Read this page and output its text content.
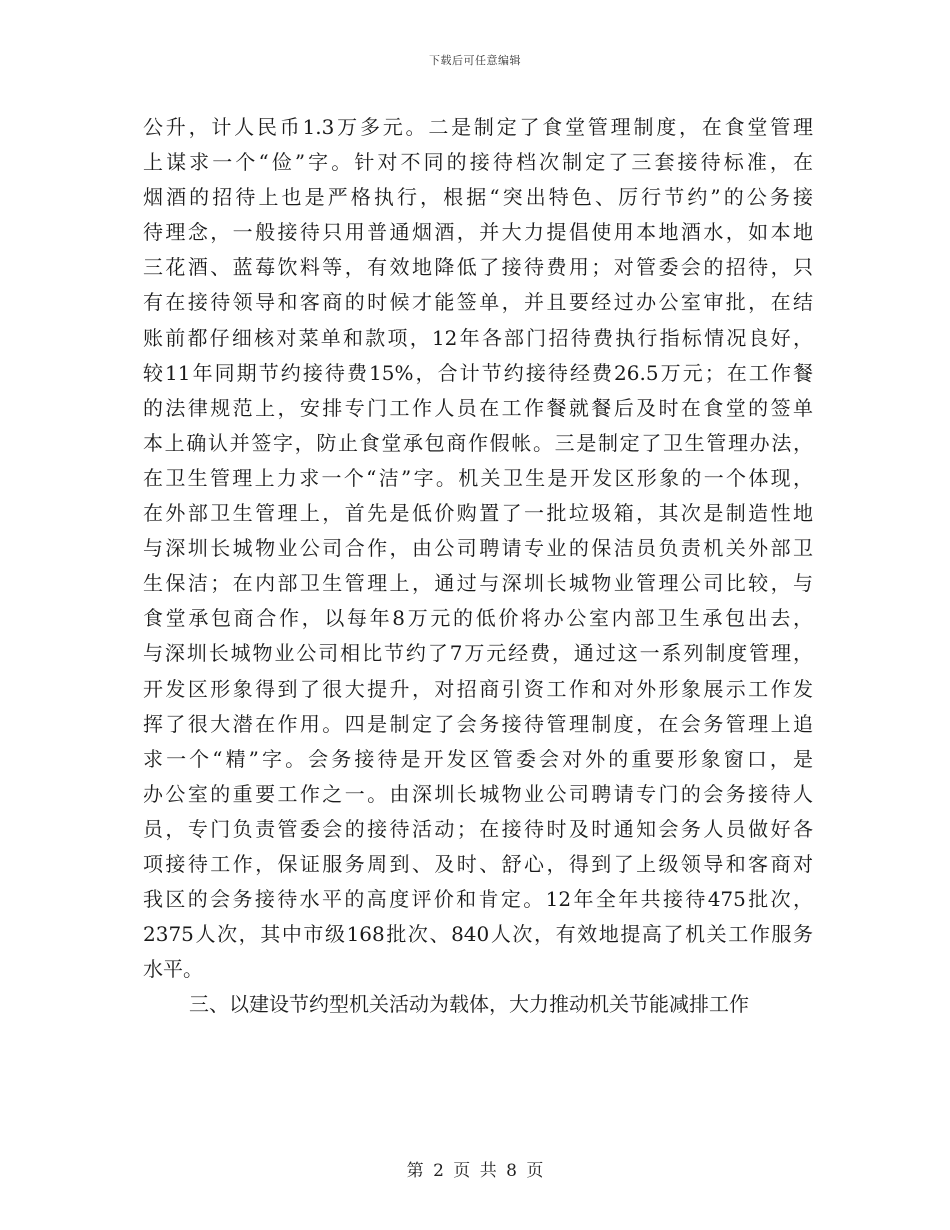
下载后可任意编辑
公升，计人民币1.3万多元。二是制定了食堂管理制度，在食堂管理
上谋求一个“俭”字。针对不同的接待档次制定了三套接待标准，在
烟酒的招待上也是严格执行，根据“突出特色、厉行节约”的公务接
待理念，一般接待只用普通烟酒，并大力提倡使用本地酒水，如本地
三花酒、蓝莓饮料等，有效地降低了接待费用；对管委会的招待，只
有在接待领导和客商的时候才能签单，并且要经过办公室审批，在结
账前都仔细核对菜单和款项，12年各部门招待费执行指标情况良好，
较11年同期节约接待费15%，合计节约接待经费26.5万元；在工作餐
的法律规范上，安排专门工作人员在工作餐就餐后及时在食堂的签单
本上确认并签字，防止食堂承包商作假帐。三是制定了卫生管理办法，
在卫生管理上力求一个“洁”字。机关卫生是开发区形象的一个体现，
在外部卫生管理上，首先是低价购置了一批垃圾箱，其次是制造性地
与深圳长城物业公司合作，由公司聘请专业的保洁员负责机关外部卫
生保洁；在内部卫生管理上，通过与深圳长城物业管理公司比较，与
食堂承包商合作，以每年8万元的低价将办公室内部卫生承包出去，
与深圳长城物业公司相比节约了7万元经费，通过这一系列制度管理，
开发区形象得到了很大提升，对招商引资工作和对外形象展示工作发
挥了很大潜在作用。四是制定了会务接待管理制度，在会务管理上追
求一个“精”字。会务接待是开发区管委会对外的重要形象窗口，是
办公室的重要工作之一。由深圳长城物业公司聘请专门的会务接待人
员，专门负责管委会的接待活动；在接待时及时通知会务人员做好各
项接待工作，保证服务周到、及时、舒心，得到了上级领导和客商对
我区的会务接待水平的高度评价和肯定。12年全年共接待475批次，
2375人次，其中市级168批次、840人次，有效地提高了机关工作服务
水平。
三、以建设节约型机关活动为载体，大力推动机关节能减排工作
第 2 页 共 8 页
